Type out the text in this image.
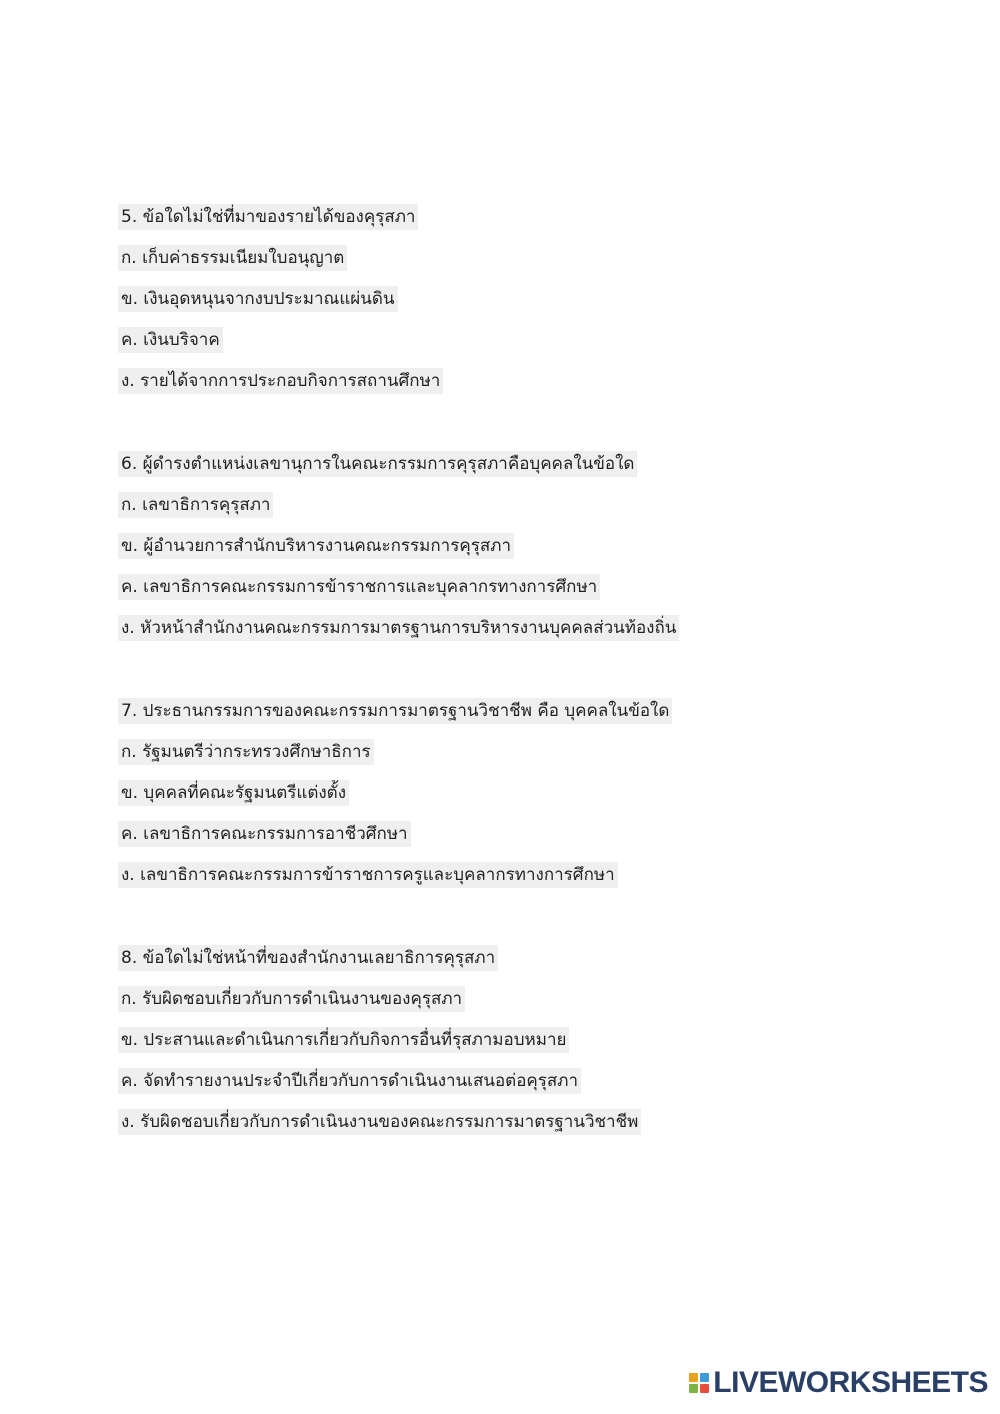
5. ข้อใดไม่ใช่ที่มาของรายได้ของคุรุสภา
ก. เก็บค่าธรรมเนียมใบอนุญาต
ข. เงินอุดหนุนจากงบประมาณแผ่นดิน
ค. เงินบริจาค
ง. รายได้จากการประกอบกิจการสถานศึกษา
6. ผู้ดำรงตำแหน่งเลขานุการในคณะกรรมการคุรุสภาคือบุคคลในข้อใด
ก. เลขาธิการคุรุสภา
ข. ผู้อำนวยการสำนักบริหารงานคณะกรรมการคุรุสภา
ค. เลขาธิการคณะกรรมการข้าราชการและบุคลากรทางการศึกษา
ง. หัวหน้าสำนักงานคณะกรรมการมาตรฐานการบริหารงานบุคคลส่วนท้องถิ่น
7. ประธานกรรมการของคณะกรรมการมาตรฐานวิชาชีพ คือ บุคคลในข้อใด
ก. รัฐมนตรีว่ากระทรวงศึกษาธิการ
ข. บุคคลที่คณะรัฐมนตรีแต่งตั้ง
ค. เลขาธิการคณะกรรมการอาชีวศึกษา
ง. เลขาธิการคณะกรรมการข้าราชการครูและบุคลากรทางการศึกษา
8. ข้อใดไม่ใช่หน้าที่ของสำนักงานเลยาธิการคุรุสภา
ก. รับผิดชอบเกี่ยวกับการดำเนินงานของคุรุสภา
ข. ประสานและดำเนินการเกี่ยวกับกิจการอื่นที่รุสภามอบหมาย
ค. จัดทำรายงานประจำปีเกี่ยวกับการดำเนินงานเสนอต่อคุรุสภา
ง. รับผิดชอบเกี่ยวกับการดำเนินงานของคณะกรรมการมาตรฐานวิชาชีพ
LIVEWORKSHEETS
